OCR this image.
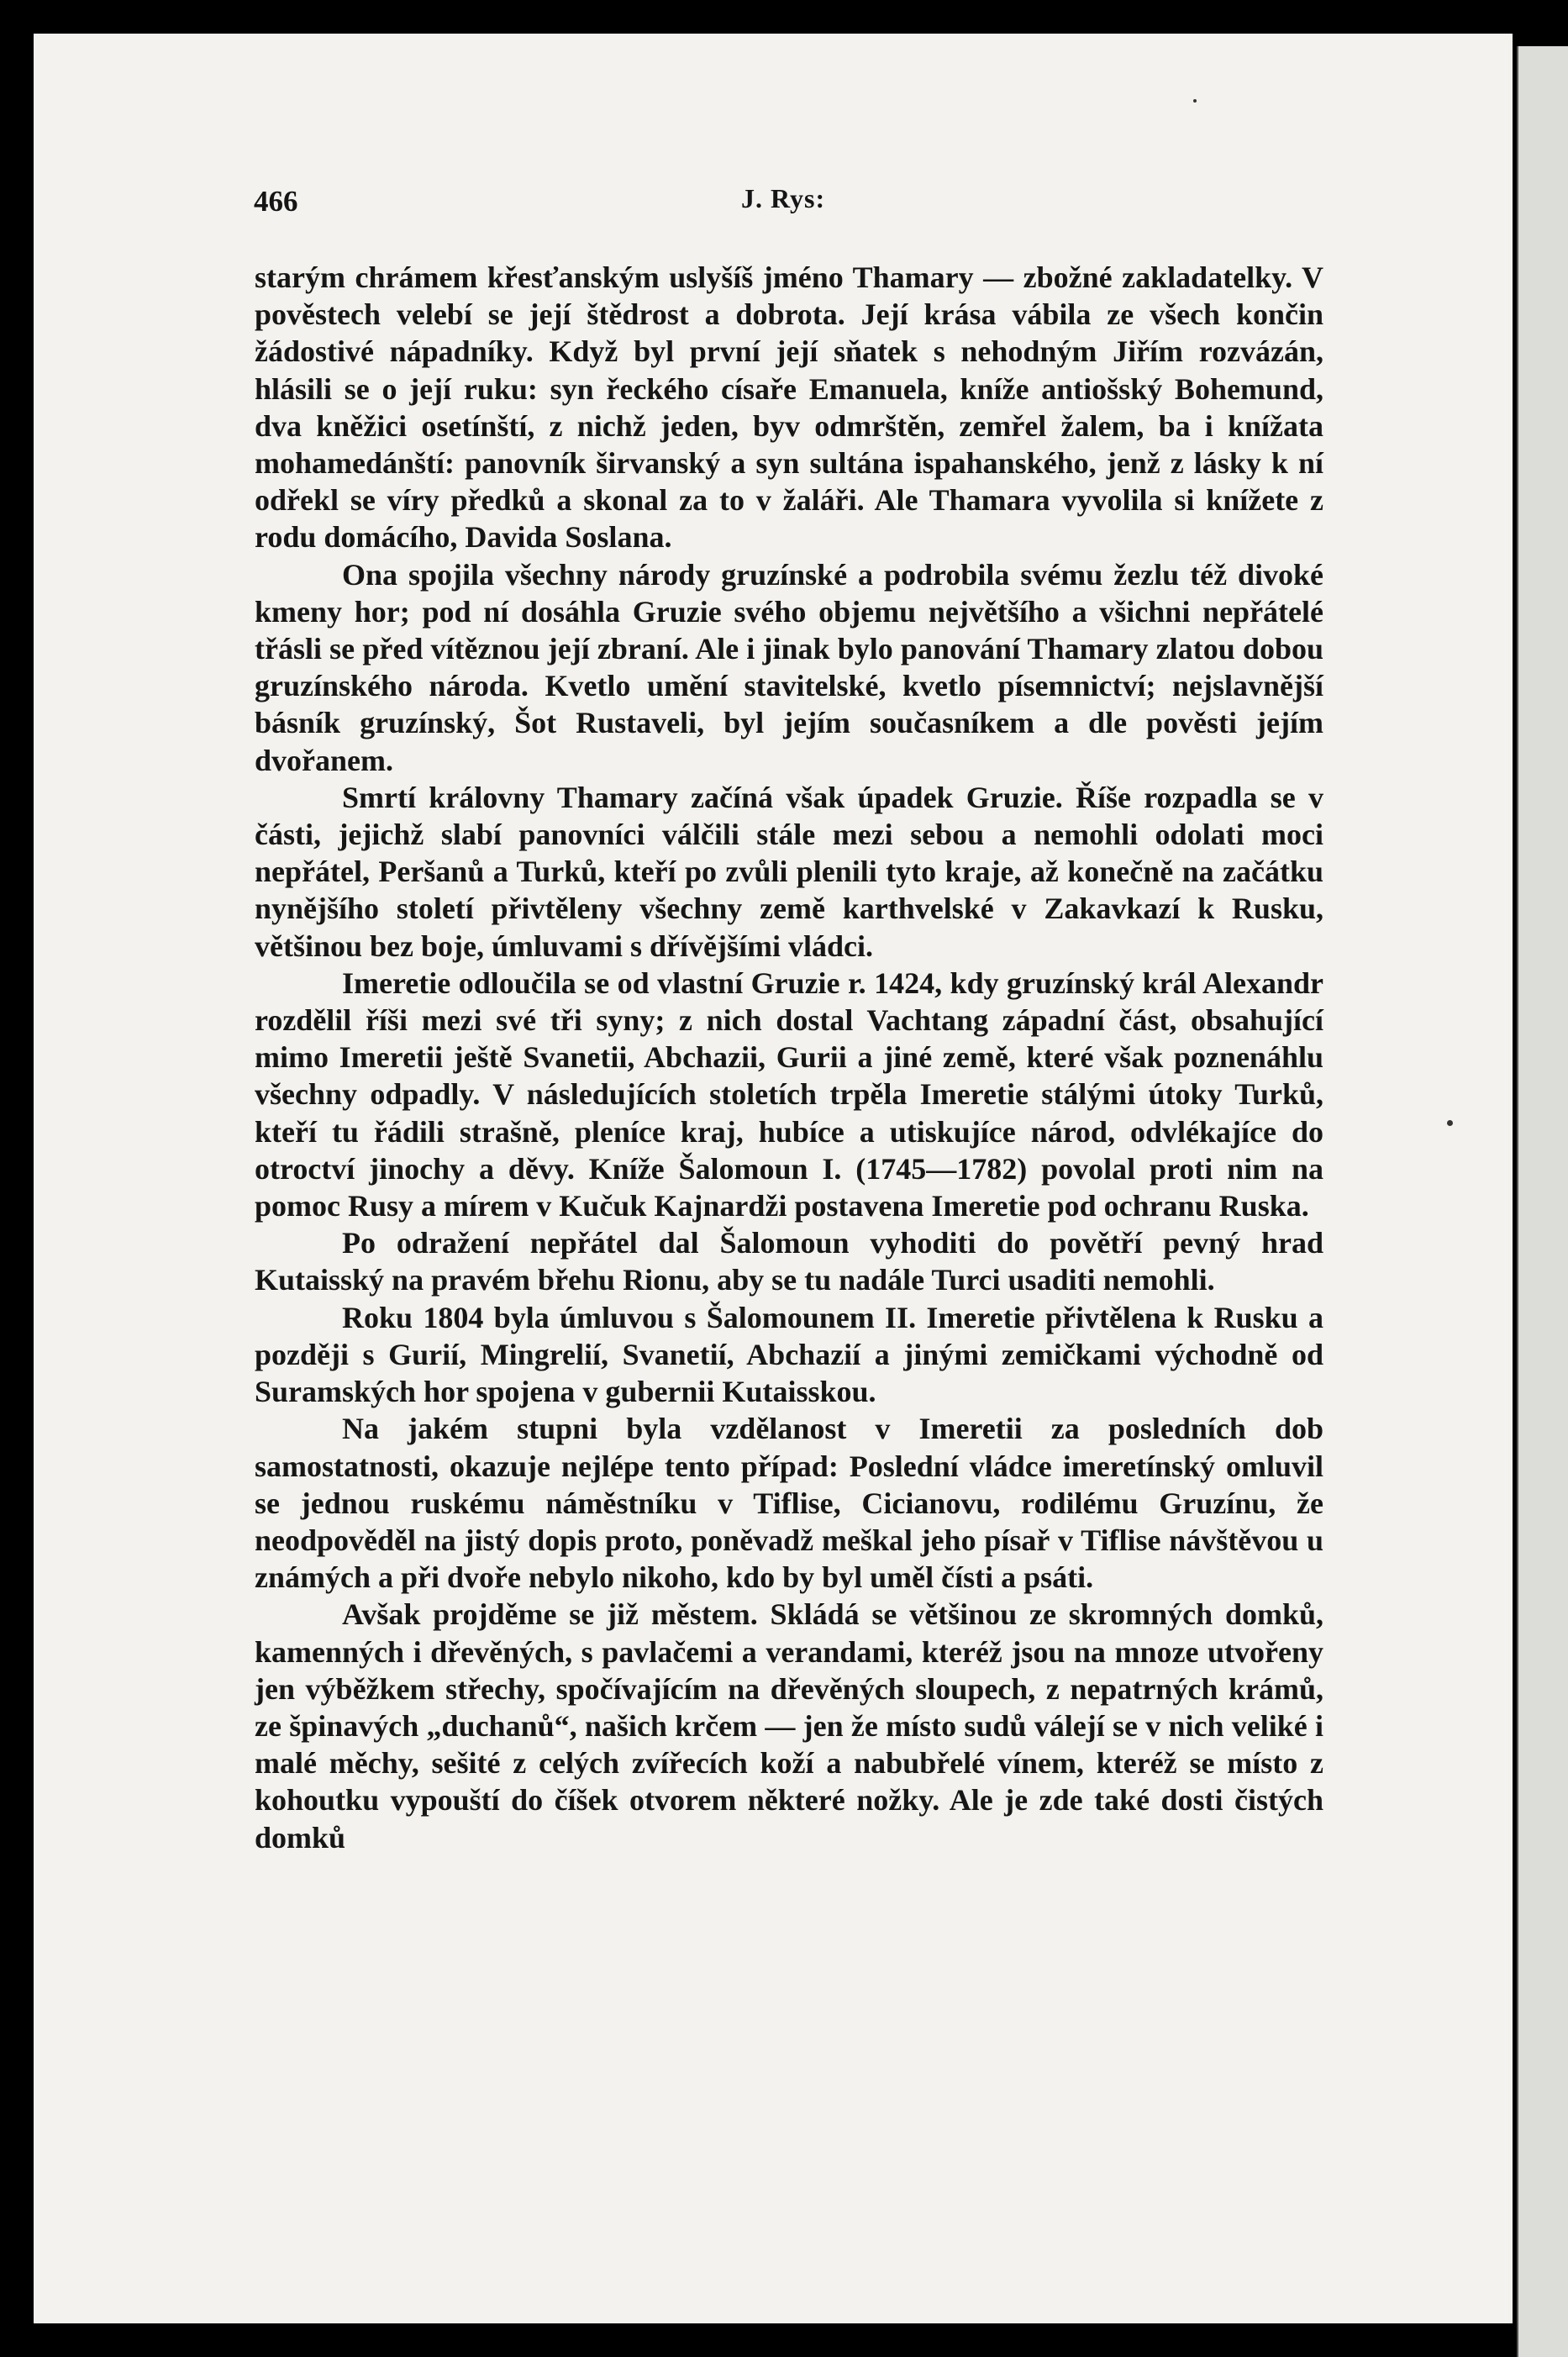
466	J. Rys:

starým chrámem křesťanským uslyšíš jméno Thamary — zbožné zakladatelky. V pověstech velebí se její štědrost a dobrota. Její krása vábila ze všech končin žádostivé nápadníky. Když byl první její sňatek s nehodným Jiřím rozvázán, hlásili se o její ruku: syn řeckého císaře Emanuela, kníže antiošský Bohemund, dva kněžici osetínští, z nichž jeden, byv odmrštěn, zemřel žalem, ba i knížata mohamedánští: panovník širvanský a syn sultána ispahanského, jenž z lásky k ní odřekl se víry předků a skonal za to v žaláři. Ale Thamara vyvolila si knížete z rodu domácího, Davida Soslana.

Ona spojila všechny národy gruzínské a podrobila svému žezlu též divoké kmeny hor; pod ní dosáhla Gruzie svého objemu největšího a všichni nepřátelé třásli se před vítěznou její zbraní. Ale i jinak bylo panování Thamary zlatou dobou gruzínského národa. Kvetlo umění stavitelské, kvetlo písemnictví; nejslavnější básník gruzínský, Šot Rustaveli, byl jejím současníkem a dle pověsti jejím dvořanem.

Smrtí královny Thamary začíná však úpadek Gruzie. Říše rozpadla se v části, jejichž slabí panovníci válčili stále mezi sebou a nemohli odolati moci nepřátel, Peršanů a Turků, kteří po zvůli plenili tyto kraje, až konečně na začátku nynějšího století přivtěleny všechny země karthvelské v Zakavkazí k Rusku, většinou bez boje, úmluvami s dřívějšími vládci.

Imeretie odloučila se od vlastní Gruzie r. 1424, kdy gruzínský král Alexandr rozdělil říši mezi své tři syny; z nich dostal Vachtang západní část, obsahující mimo Imeretii ještě Svanetii, Abchazii, Gurii a jiné země, které však poznenáhlu všechny odpadly. V následujících stoletích trpěla Imeretie stálými útoky Turků, kteří tu řádili strašně, pleníce kraj, hubíce a utiskujíce národ, odvlékajíce do otroctví jinochy a děvy. Kníže Šalomoun I. (1745—1782) povolal proti nim na pomoc Rusy a mírem v Kučuk Kajnardži postavena Imeretie pod ochranu Ruska.

Po odražení nepřátel dal Šalomoun vyhoditi do povětří pevný hrad Kutaisský na pravém břehu Rionu, aby se tu nadále Turci usaditi nemohli.

Roku 1804 byla úmluvou s Šalomounem II. Imeretie přivtělena k Rusku a později s Gurií, Mingrelií, Svanetií, Abchazií a jinými zemičkami východně od Suramských hor spojena v gubernii Kutaisskou.

Na jakém stupni byla vzdělanost v Imeretii za posledních dob samostatnosti, okazuje nejlépe tento případ: Poslední vládce imeretínský omluvil se jednou ruskému náměstníku v Tiflise, Cicianovu, rodilému Gruzínu, že neodpověděl na jistý dopis proto, poněvadž meškal jeho písař v Tiflise návštěvou u známých a při dvoře nebylo nikoho, kdo by byl uměl čísti a psáti.

Avšak projděme se již městem. Skládá se většinou ze skromných domků, kamenných i dřevěných, s pavlačemi a verandami, kteréž jsou na mnoze utvořeny jen výběžkem střechy, spočívajícím na dřevěných sloupech, z nepatrných krámů, ze špinavých „duchanů“, našich krčem — jen že místo sudů válejí se v nich veliké i malé měchy, sešité z celých zvířecích koží a nabubřelé vínem, kteréž se místo z kohoutku vypouští do číšek otvorem některé nožky. Ale je zde také dosti čistých domků
